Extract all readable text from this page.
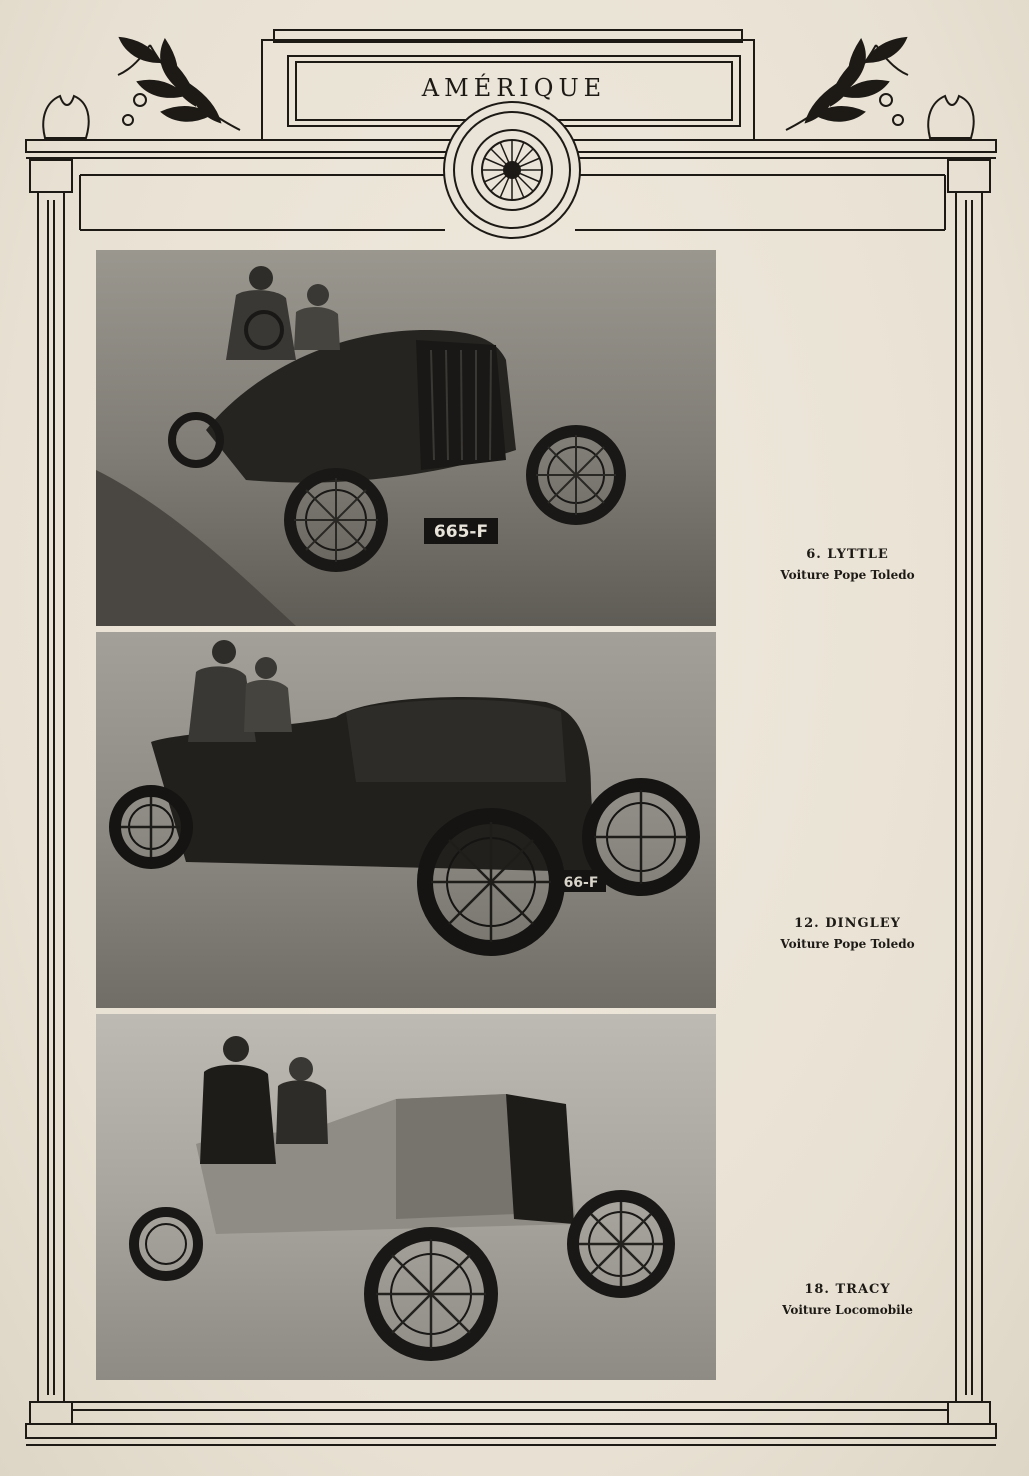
AMÉRIQUE
665-F
66-F
6. LYTTLE
Voiture Pope Toledo
12. DINGLEY
Voiture Pope Toledo
18. TRACY
Voiture Locomobile
